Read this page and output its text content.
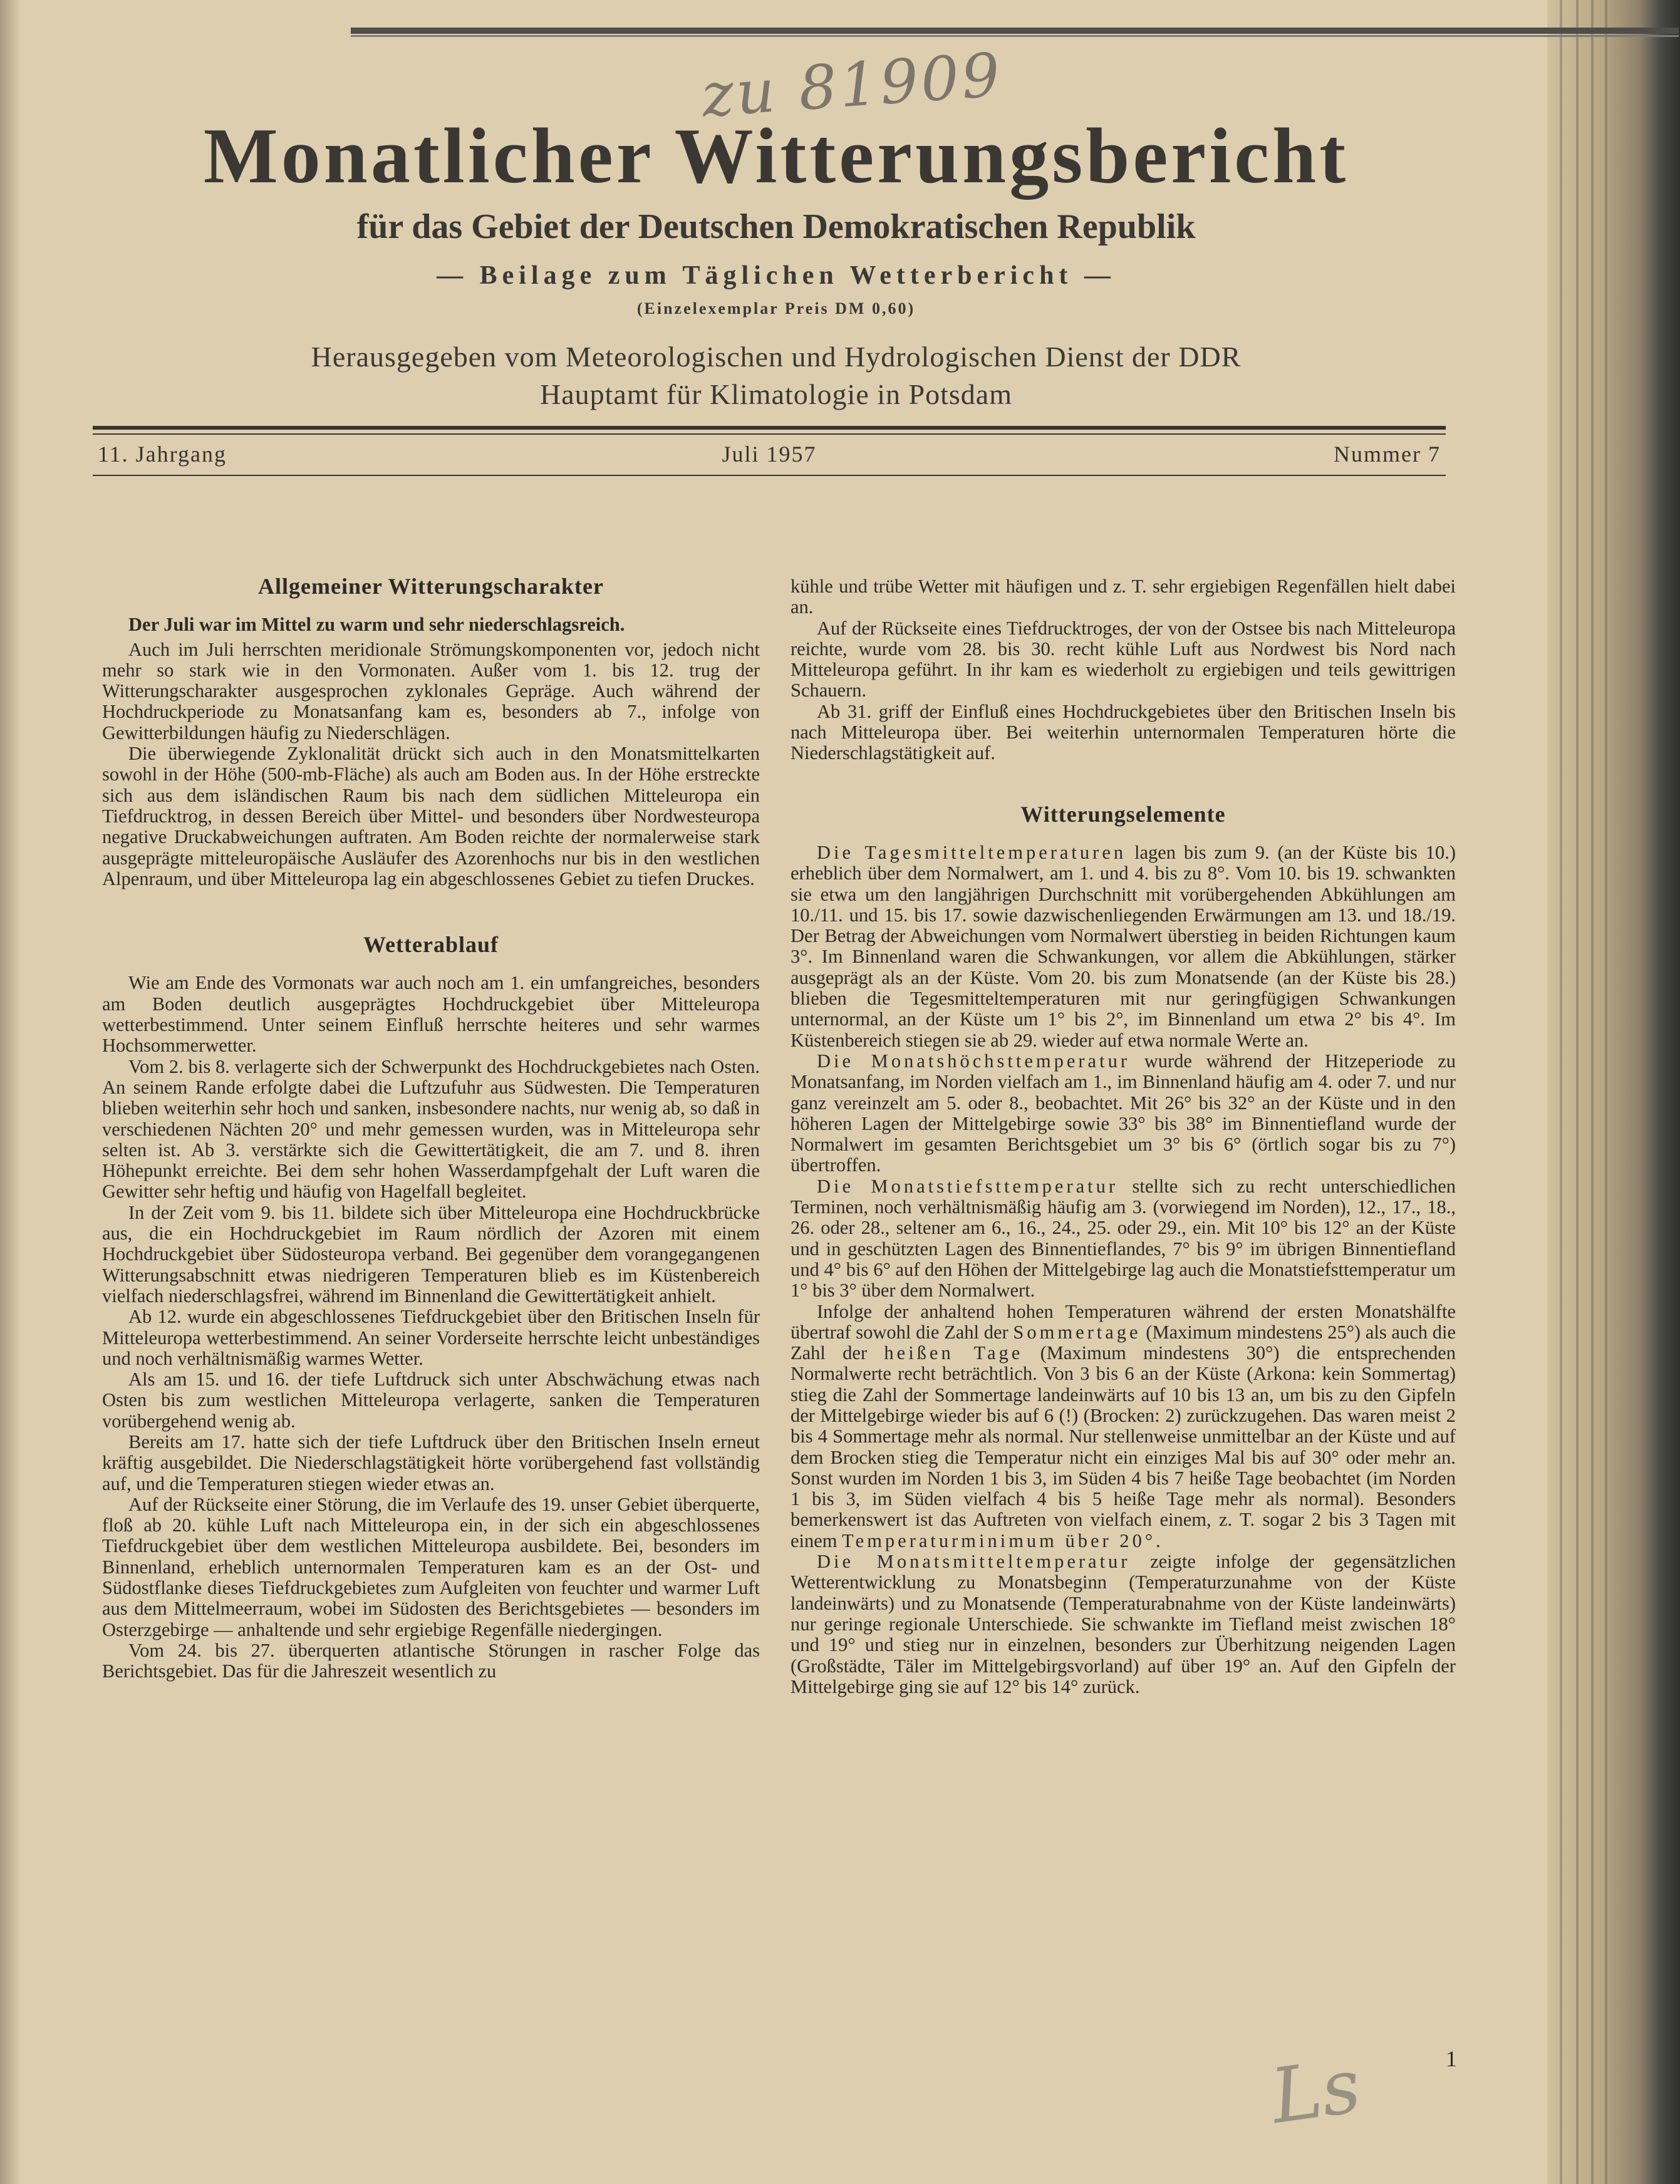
zu 81909
Monatlicher Witterungsbericht
für das Gebiet der Deutschen Demokratischen Republik
— Beilage zum Täglichen Wetterbericht —
(Einzelexemplar Preis DM 0,60)
Herausgegeben vom Meteorologischen und Hydrologischen Dienst der DDR
Hauptamt für Klimatologie in Potsdam
11. Jahrgang	Juli 1957	Nummer 7
Allgemeiner Witterungscharakter

Der Juli war im Mittel zu warm und sehr niederschlagsreich.

Auch im Juli herrschten meridionale Strömungskomponenten vor, jedoch nicht mehr so stark wie in den Vormonaten. Außer vom 1. bis 12. trug der Witterungscharakter ausgesprochen zyklonales Gepräge. Auch während der Hochdruckperiode zu Monatsanfang kam es, besonders ab 7., infolge von Gewitterbildungen häufig zu Niederschlägen.

Die überwiegende Zyklonalität drückt sich auch in den Monatsmittelkarten sowohl in der Höhe (500-mb-Fläche) als auch am Boden aus. In der Höhe erstreckte sich aus dem isländischen Raum bis nach dem südlichen Mitteleuropa ein Tiefdrucktrog, in dessen Bereich über Mittel- und besonders über Nordwesteuropa negative Druckabweichungen auftraten. Am Boden reichte der normalerweise stark ausgeprägte mitteleuropäische Ausläufer des Azorenhochs nur bis in den westlichen Alpenraum, und über Mitteleuropa lag ein abgeschlossenes Gebiet zu tiefen Druckes.

Wetterablauf

Wie am Ende des Vormonats war auch noch am 1. ein umfangreiches, besonders am Boden deutlich ausgeprägtes Hochdruckgebiet über Mitteleuropa wetterbestimmend. Unter seinem Einfluß herrschte heiteres und sehr warmes Hochsommerwetter.

Vom 2. bis 8. verlagerte sich der Schwerpunkt des Hochdruckgebietes nach Osten. An seinem Rande erfolgte dabei die Luftzufuhr aus Südwesten. Die Temperaturen blieben weiterhin sehr hoch und sanken, insbesondere nachts, nur wenig ab, so daß in verschiedenen Nächten 20° und mehr gemessen wurden, was in Mitteleuropa sehr selten ist. Ab 3. verstärkte sich die Gewittertätigkeit, die am 7. und 8. ihren Höhepunkt erreichte. Bei dem sehr hohen Wasserdampfgehalt der Luft waren die Gewitter sehr heftig und häufig von Hagelfall begleitet.

In der Zeit vom 9. bis 11. bildete sich über Mitteleuropa eine Hochdruckbrücke aus, die ein Hochdruckgebiet im Raum nördlich der Azoren mit einem Hochdruckgebiet über Südosteuropa verband. Bei gegenüber dem vorangegangenen Witterungsabschnitt etwas niedrigeren Temperaturen blieb es im Küstenbereich vielfach niederschlagsfrei, während im Binnenland die Gewittertätigkeit anhielt.

Ab 12. wurde ein abgeschlossenes Tiefdruckgebiet über den Britischen Inseln für Mitteleuropa wetterbestimmend. An seiner Vorderseite herrschte leicht unbeständiges und noch verhältnismäßig warmes Wetter.

Als am 15. und 16. der tiefe Luftdruck sich unter Abschwächung etwas nach Osten bis zum westlichen Mitteleuropa verlagerte, sanken die Temperaturen vorübergehend wenig ab.

Bereits am 17. hatte sich der tiefe Luftdruck über den Britischen Inseln erneut kräftig ausgebildet. Die Niederschlagstätigkeit hörte vorübergehend fast vollständig auf, und die Temperaturen stiegen wieder etwas an.

Auf der Rückseite einer Störung, die im Verlaufe des 19. unser Gebiet überquerte, floß ab 20. kühle Luft nach Mitteleuropa ein, in der sich ein abgeschlossenes Tiefdruckgebiet über dem westlichen Mitteleuropa ausbildete. Bei, besonders im Binnenland, erheblich unternormalen Temperaturen kam es an der Ost- und Südostflanke dieses Tiefdruckgebietes zum Aufgleiten von feuchter und warmer Luft aus dem Mittelmeerraum, wobei im Südosten des Berichtsgebietes — besonders im Osterzgebirge — anhaltende und sehr ergiebige Regenfälle niedergingen.

Vom 24. bis 27. überquerten atlantische Störungen in rascher Folge das Berichtsgebiet. Das für die Jahreszeit wesentlich zu

kühle und trübe Wetter mit häufigen und z. T. sehr ergiebigen Regenfällen hielt dabei an.

Auf der Rückseite eines Tiefdrucktroges, der von der Ostsee bis nach Mitteleuropa reichte, wurde vom 28. bis 30. recht kühle Luft aus Nordwest bis Nord nach Mitteleuropa geführt. In ihr kam es wiederholt zu ergiebigen und teils gewittrigen Schauern.

Ab 31. griff der Einfluß eines Hochdruckgebietes über den Britischen Inseln bis nach Mitteleuropa über. Bei weiterhin unternormalen Temperaturen hörte die Niederschlagstätigkeit auf.

Witterungselemente

Die Tagesmitteltemperaturen lagen bis zum 9. (an der Küste bis 10.) erheblich über dem Normalwert, am 1. und 4. bis zu 8°. Vom 10. bis 19. schwankten sie etwa um den langjährigen Durchschnitt mit vorübergehenden Abkühlungen am 10./11. und 15. bis 17. sowie dazwischenliegenden Erwärmungen am 13. und 18./19. Der Betrag der Abweichungen vom Normalwert überstieg in beiden Richtungen kaum 3°. Im Binnenland waren die Schwankungen, vor allem die Abkühlungen, stärker ausgeprägt als an der Küste. Vom 20. bis zum Monatsende (an der Küste bis 28.) blieben die Tegesmitteltemperaturen mit nur geringfügigen Schwankungen unternormal, an der Küste um 1° bis 2°, im Binnenland um etwa 2° bis 4°. Im Küstenbereich stiegen sie ab 29. wieder auf etwa normale Werte an.

Die Monatshöchsttemperatur wurde während der Hitzeperiode zu Monatsanfang, im Norden vielfach am 1., im Binnenland häufig am 4. oder 7. und nur ganz vereinzelt am 5. oder 8., beobachtet. Mit 26° bis 32° an der Küste und in den höheren Lagen der Mittelgebirge sowie 33° bis 38° im Binnentiefland wurde der Normalwert im gesamten Berichtsgebiet um 3° bis 6° (örtlich sogar bis zu 7°) übertroffen.

Die Monatstiefsttemperatur stellte sich zu recht unterschiedlichen Terminen, noch verhältnismäßig häufig am 3. (vorwiegend im Norden), 12., 17., 18., 26. oder 28., seltener am 6., 16., 24., 25. oder 29., ein. Mit 10° bis 12° an der Küste und in geschützten Lagen des Binnentieflandes, 7° bis 9° im übrigen Binnentiefland und 4° bis 6° auf den Höhen der Mittelgebirge lag auch die Monatstiefsttemperatur um 1° bis 3° über dem Normalwert.

Infolge der anhaltend hohen Temperaturen während der ersten Monatshälfte übertraf sowohl die Zahl der Sommertage (Maximum mindestens 25°) als auch die Zahl der heißen Tage (Maximum mindestens 30°) die entsprechenden Normalwerte recht beträchtlich. Von 3 bis 6 an der Küste (Arkona: kein Sommertag) stieg die Zahl der Sommertage landeinwärts auf 10 bis 13 an, um bis zu den Gipfeln der Mittelgebirge wieder bis auf 6 (!) (Brocken: 2) zurückzugehen. Das waren meist 2 bis 4 Sommertage mehr als normal. Nur stellenweise unmittelbar an der Küste und auf dem Brocken stieg die Temperatur nicht ein einziges Mal bis auf 30° oder mehr an. Sonst wurden im Norden 1 bis 3, im Süden 4 bis 7 heiße Tage beobachtet (im Norden 1 bis 3, im Süden vielfach 4 bis 5 heiße Tage mehr als normal). Besonders bemerkenswert ist das Auftreten von vielfach einem, z. T. sogar 2 bis 3 Tagen mit einem Temperaturminimum über 20°.

Die Monatsmitteltemperatur zeigte infolge der gegensätzlichen Wetterentwicklung zu Monatsbeginn (Temperaturzunahme von der Küste landeinwärts) und zu Monatsende (Temperaturabnahme von der Küste landeinwärts) nur geringe regionale Unterschiede. Sie schwankte im Tiefland meist zwischen 18° und 19° und stieg nur in einzelnen, besonders zur Überhitzung neigenden Lagen (Großstädte, Täler im Mittelgebirgsvorland) auf über 19° an. Auf den Gipfeln der Mittelgebirge ging sie auf 12° bis 14° zurück.

Ls	1
